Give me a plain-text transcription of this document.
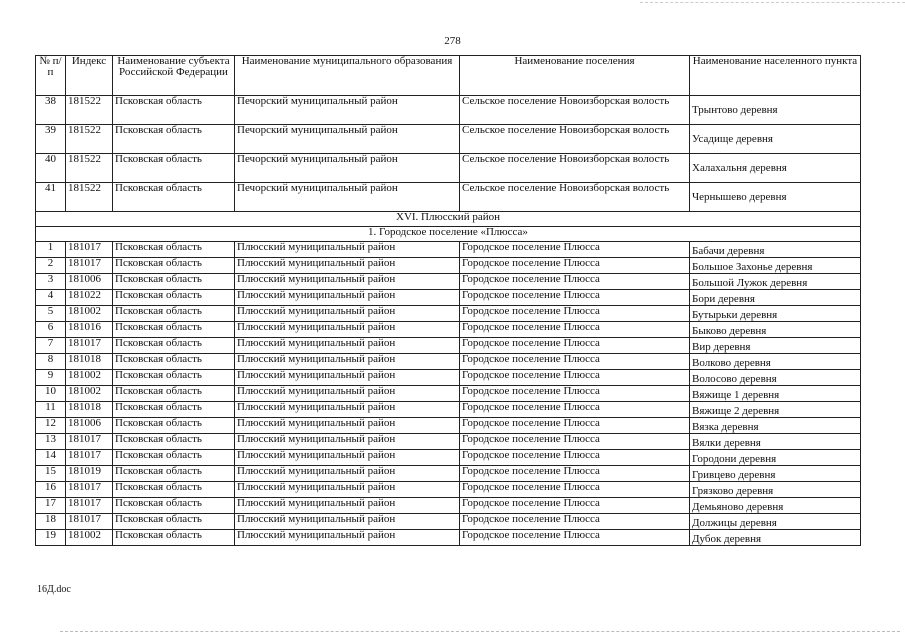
278
№ п/п	Индекс	Наименование субъекта Российской Федерации	Наименование муниципального образования	Наименование поселения	Наименование населенного пункта
38	181522	Псковская область	Печорский муниципальный район	Сельское поселение Новоизборская волость	Трынтово деревня
39	181522	Псковская область	Печорский муниципальный район	Сельское поселение Новоизборская волость	Усадище деревня
40	181522	Псковская область	Печорский муниципальный район	Сельское поселение Новоизборская волость	Халахальня деревня
41	181522	Псковская область	Печорский муниципальный район	Сельское поселение Новоизборская волость	Чернышево деревня
XVI. Плюсский район					
1. Городское поселение «Плюсса»					
1	181017	Псковская область	Плюсский муниципальный район	Городское поселение Плюсса	Бабачи деревня
2	181017	Псковская область	Плюсский муниципальный район	Городское поселение Плюсса	Большое Захонье деревня
3	181006	Псковская область	Плюсский муниципальный район	Городское поселение Плюсса	Большой Лужок деревня
4	181022	Псковская область	Плюсский муниципальный район	Городское поселение Плюсса	Бори деревня
5	181002	Псковская область	Плюсский муниципальный район	Городское поселение Плюсса	Бутырьки деревня
6	181016	Псковская область	Плюсский муниципальный район	Городское поселение Плюсса	Быково деревня
7	181017	Псковская область	Плюсский муниципальный район	Городское поселение Плюсса	Вир деревня
8	181018	Псковская область	Плюсский муниципальный район	Городское поселение Плюсса	Волково деревня
9	181002	Псковская область	Плюсский муниципальный район	Городское поселение Плюсса	Волосово деревня
10	181002	Псковская область	Плюсский муниципальный район	Городское поселение Плюсса	Вяжище 1 деревня
11	181018	Псковская область	Плюсский муниципальный район	Городское поселение Плюсса	Вяжище 2 деревня
12	181006	Псковская область	Плюсский муниципальный район	Городское поселение Плюсса	Вязка деревня
13	181017	Псковская область	Плюсский муниципальный район	Городское поселение Плюсса	Вялки деревня
14	181017	Псковская область	Плюсский муниципальный район	Городское поселение Плюсса	Городони деревня
15	181019	Псковская область	Плюсский муниципальный район	Городское поселение Плюсса	Гривцево деревня
16	181017	Псковская область	Плюсский муниципальный район	Городское поселение Плюсса	Грязково деревня
17	181017	Псковская область	Плюсский муниципальный район	Городское поселение Плюсса	Демьяново деревня
18	181017	Псковская область	Плюсский муниципальный район	Городское поселение Плюсса	Должицы деревня
19	181002	Псковская область	Плюсский муниципальный район	Городское поселение Плюсса	Дубок деревня
16Д.doc
